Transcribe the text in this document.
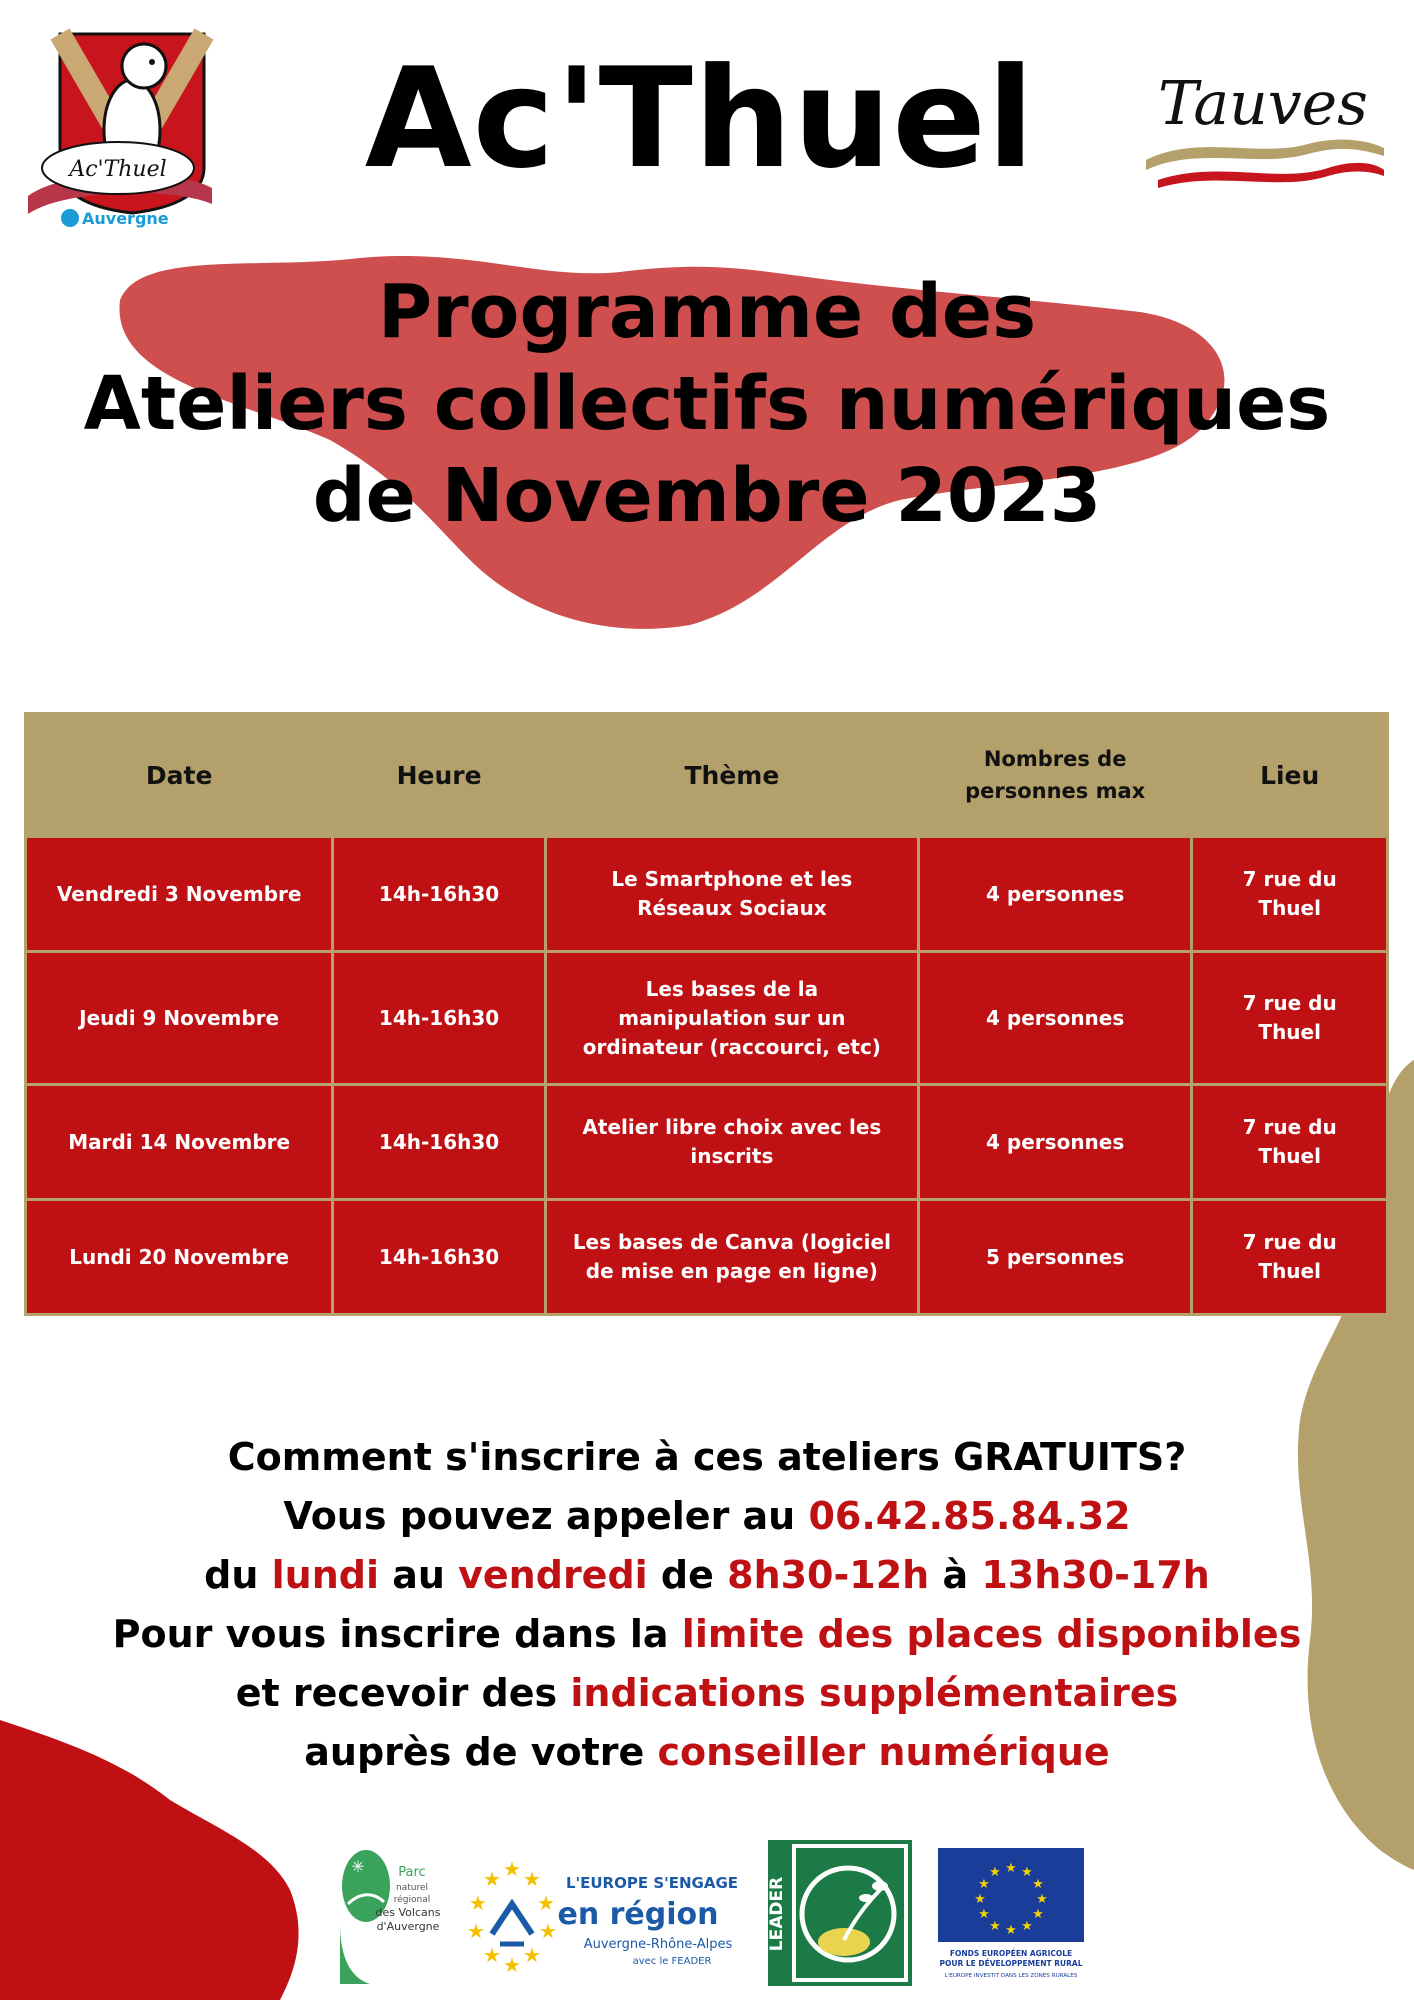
Ac'Thuel
Auvergne
Tauves
Ac'Thuel
Programme des
Ateliers collectifs numériques
de Novembre 2023
Date	Heure	Thème	Nombres de personnes max	Lieu
Vendredi 3 Novembre	14h-16h30	Le Smartphone et les Réseaux Sociaux	4 personnes	7 rue du Thuel
Jeudi 9 Novembre	14h-16h30	Les bases de la manipulation sur un ordinateur (raccourci, etc)	4 personnes	7 rue du Thuel
Mardi 14 Novembre	14h-16h30	Atelier libre choix avec les inscrits	4 personnes	7 rue du Thuel
Lundi 20 Novembre	14h-16h30	Les bases de Canva (logiciel de mise en page en ligne)	5 personnes	7 rue du Thuel
Comment s'inscrire à ces ateliers GRATUITS?
Vous pouvez appeler au 06.42.85.84.32
du lundi au vendredi de 8h30-12h à 13h30-17h
Pour vous inscrire dans la limite des places disponibles
et recevoir des indications supplémentaires
auprès de votre conseiller numérique
✳	Parc
naturel
régional
des Volcans
d'Auvergne
★
★ ★
★	★
★	★
★ ★
★
L'EUROPE S'ENGAGE
en région
Auvergne-Rhône-Alpes
avec le FEADER
LEADER
★ ★
★
★
★
★
★
★
★
★
★
★
FONDS EUROPÉEN AGRICOLE
POUR LE DÉVELOPPEMENT RURAL
L'EUROPE INVESTIT DANS LES ZONES RURALES
